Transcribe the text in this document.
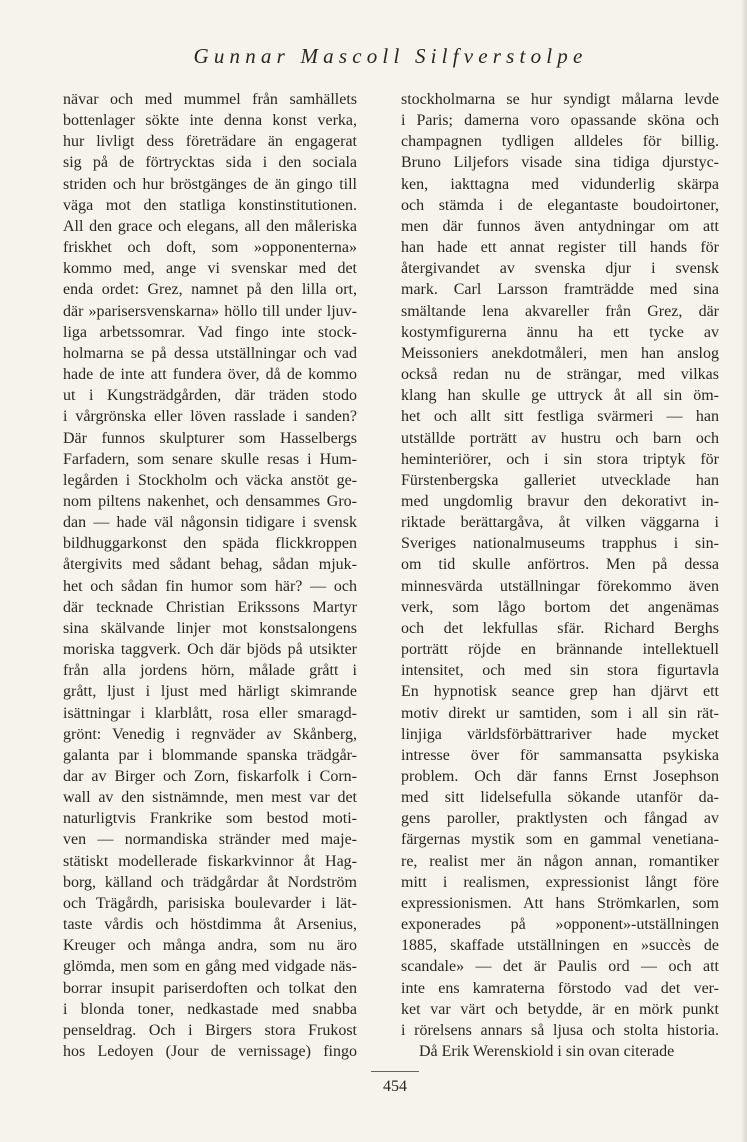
Gunnar Mascoll Silfverstolpe
nävar och med mummel från samhällets
bottenlager sökte inte denna konst verka,
hur livligt dess företrädare än engagerat
sig på de förtrycktas sida i den sociala
striden och hur bröstgänges de än gingo till
väga mot den statliga konstinstitutionen.
All den grace och elegans, all den måleriska
friskhet och doft, som »opponenterna»
kommo med, ange vi svenskar med det
enda ordet: Grez, namnet på den lilla ort,
där »parisersvenskarna» höllo till under ljuv-
liga arbetssomrar. Vad fingo inte stock-
holmarna se på dessa utställningar och vad
hade de inte att fundera över, då de kommo
ut i Kungsträdgården, där träden stodo
i vårgrönska eller löven rasslade i sanden?
Där funnos skulpturer som Hasselbergs
Farfadern, som senare skulle resas i Hum-
legården i Stockholm och väcka anstöt ge-
nom piltens nakenhet, och densammes Gro-
dan — hade väl någonsin tidigare i svensk
bildhuggarkonst den späda flickkroppen
återgivits med sådant behag, sådan mjuk-
het och sådan fin humor som här? — och
där tecknade Christian Erikssons Martyr
sina skälvande linjer mot konstsalongens
moriska taggverk. Och där bjöds på utsikter
från alla jordens hörn, målade grått i
grått, ljust i ljust med härligt skimrande
isättningar i klarblått, rosa eller smaragd-
grönt: Venedig i regnväder av Skånberg,
galanta par i blommande spanska trädgår-
dar av Birger och Zorn, fiskarfolk i Corn-
wall av den sistnämnde, men mest var det
naturligtvis Frankrike som bestod moti-
ven — normandiska stränder med maje-
stätiskt modellerade fiskarkvinnor åt Hag-
borg, källand och trädgårdar åt Nordström
och Trägårdh, parisiska boulevarder i lät-
taste vårdis och höstdimma åt Arsenius,
Kreuger och många andra, som nu äro
glömda, men som en gång med vidgade näs-
borrar insupit pariserdoften och tolkat den
i blonda toner, nedkastade med snabba
penseldrag. Och i Birgers stora Frukost
hos Ledoyen (Jour de vernissage) fingo
stockholmarna se hur syndigt målarna levde
i Paris; damerna voro opassande sköna och
champagnen tydligen alldeles för billig.
Bruno Liljefors visade sina tidiga djurstyc-
ken, iakttagna med vidunderlig skärpa
och stämda i de elegantaste boudoirtoner,
men där funnos även antydningar om att
han hade ett annat register till hands för
återgivandet av svenska djur i svensk
mark. Carl Larsson framträdde med sina
smältande lena akvareller från Grez, där
kostymfigurerna ännu ha ett tycke av
Meissoniers anekdotmåleri, men han anslog
också redan nu de strängar, med vilkas
klang han skulle ge uttryck åt all sin öm-
het och allt sitt festliga svärmeri — han
utställde porträtt av hustru och barn och
heminteriörer, och i sin stora triptyk för
Fürstenbergska galleriet utvecklade han
med ungdomlig bravur den dekorativt in-
riktade berättargåva, åt vilken väggarna i
Sveriges nationalmuseums trapphus i sin-
om tid skulle anförtros. Men på dessa
minnesvärda utställningar förekommo även
verk, som lågo bortom det angenämas
och det lekfullas sfär. Richard Berghs
porträtt röjde en brännande intellektuell
intensitet, och med sin stora figurtavla
En hypnotisk seance grep han djärvt ett
motiv direkt ur samtiden, som i all sin rät-
linjiga världsförbättrariver hade mycket
intresse över för sammansatta psykiska
problem. Och där fanns Ernst Josephson
med sitt lidelsefulla sökande utanför da-
gens paroller, praktlysten och fångad av
färgernas mystik som en gammal venetiana-
re, realist mer än någon annan, romantiker
mitt i realismen, expressionist långt före
expressionismen. Att hans Strömkarlen, som
exponerades på »opponent»-utställningen
1885, skaffade utställningen en »succès de
scandale» — det är Paulis ord — och att
inte ens kamraterna förstodo vad det ver-
ket var värt och betydde, är en mörk punkt
i rörelsens annars så ljusa och stolta historia.
Då Erik Werenskiold i sin ovan citerade
454
